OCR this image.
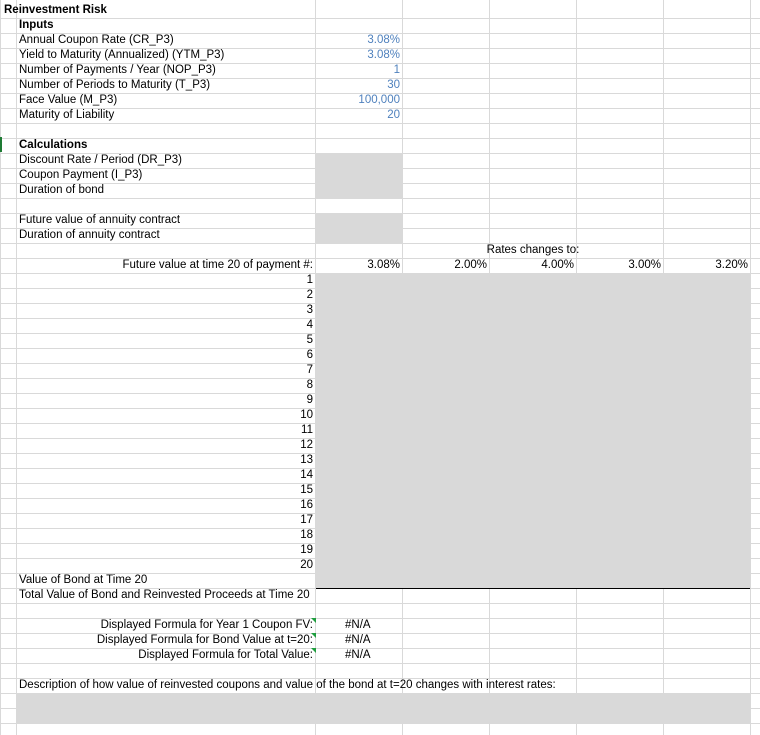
Reinvestment Risk
Inputs
Annual Coupon Rate (CR_P3)	3.08%
Yield to Maturity (Annualized) (YTM_P3)	3.08%
Number of Payments / Year (NOP_P3)	1
Number of Periods to Maturity (T_P3)	30
Face Value (M_P3)	100,000
Maturity of Liability	20
Calculations
Discount Rate / Period (DR_P3)
Coupon Payment (I_P3)
Duration of bond
Future value of annuity contract
Duration of annuity contract
Rates changes to:
Future value at time 20 of payment #:	3.08%	2.00%	4.00%	3.00%	3.20%
1
2
3
4
5
6
7
8
9
10
11
12
13
14
15
16
17
18
19
20
Value of Bond at Time 20
Total Value of Bond and Reinvested Proceeds at Time 20
Displayed Formula for Year 1 Coupon FV:	#N/A
Displayed Formula for Bond Value at t=20:	#N/A
Displayed Formula for Total Value:	#N/A
Description of how value of reinvested coupons and value of the bond at t=20 changes with interest rates:
